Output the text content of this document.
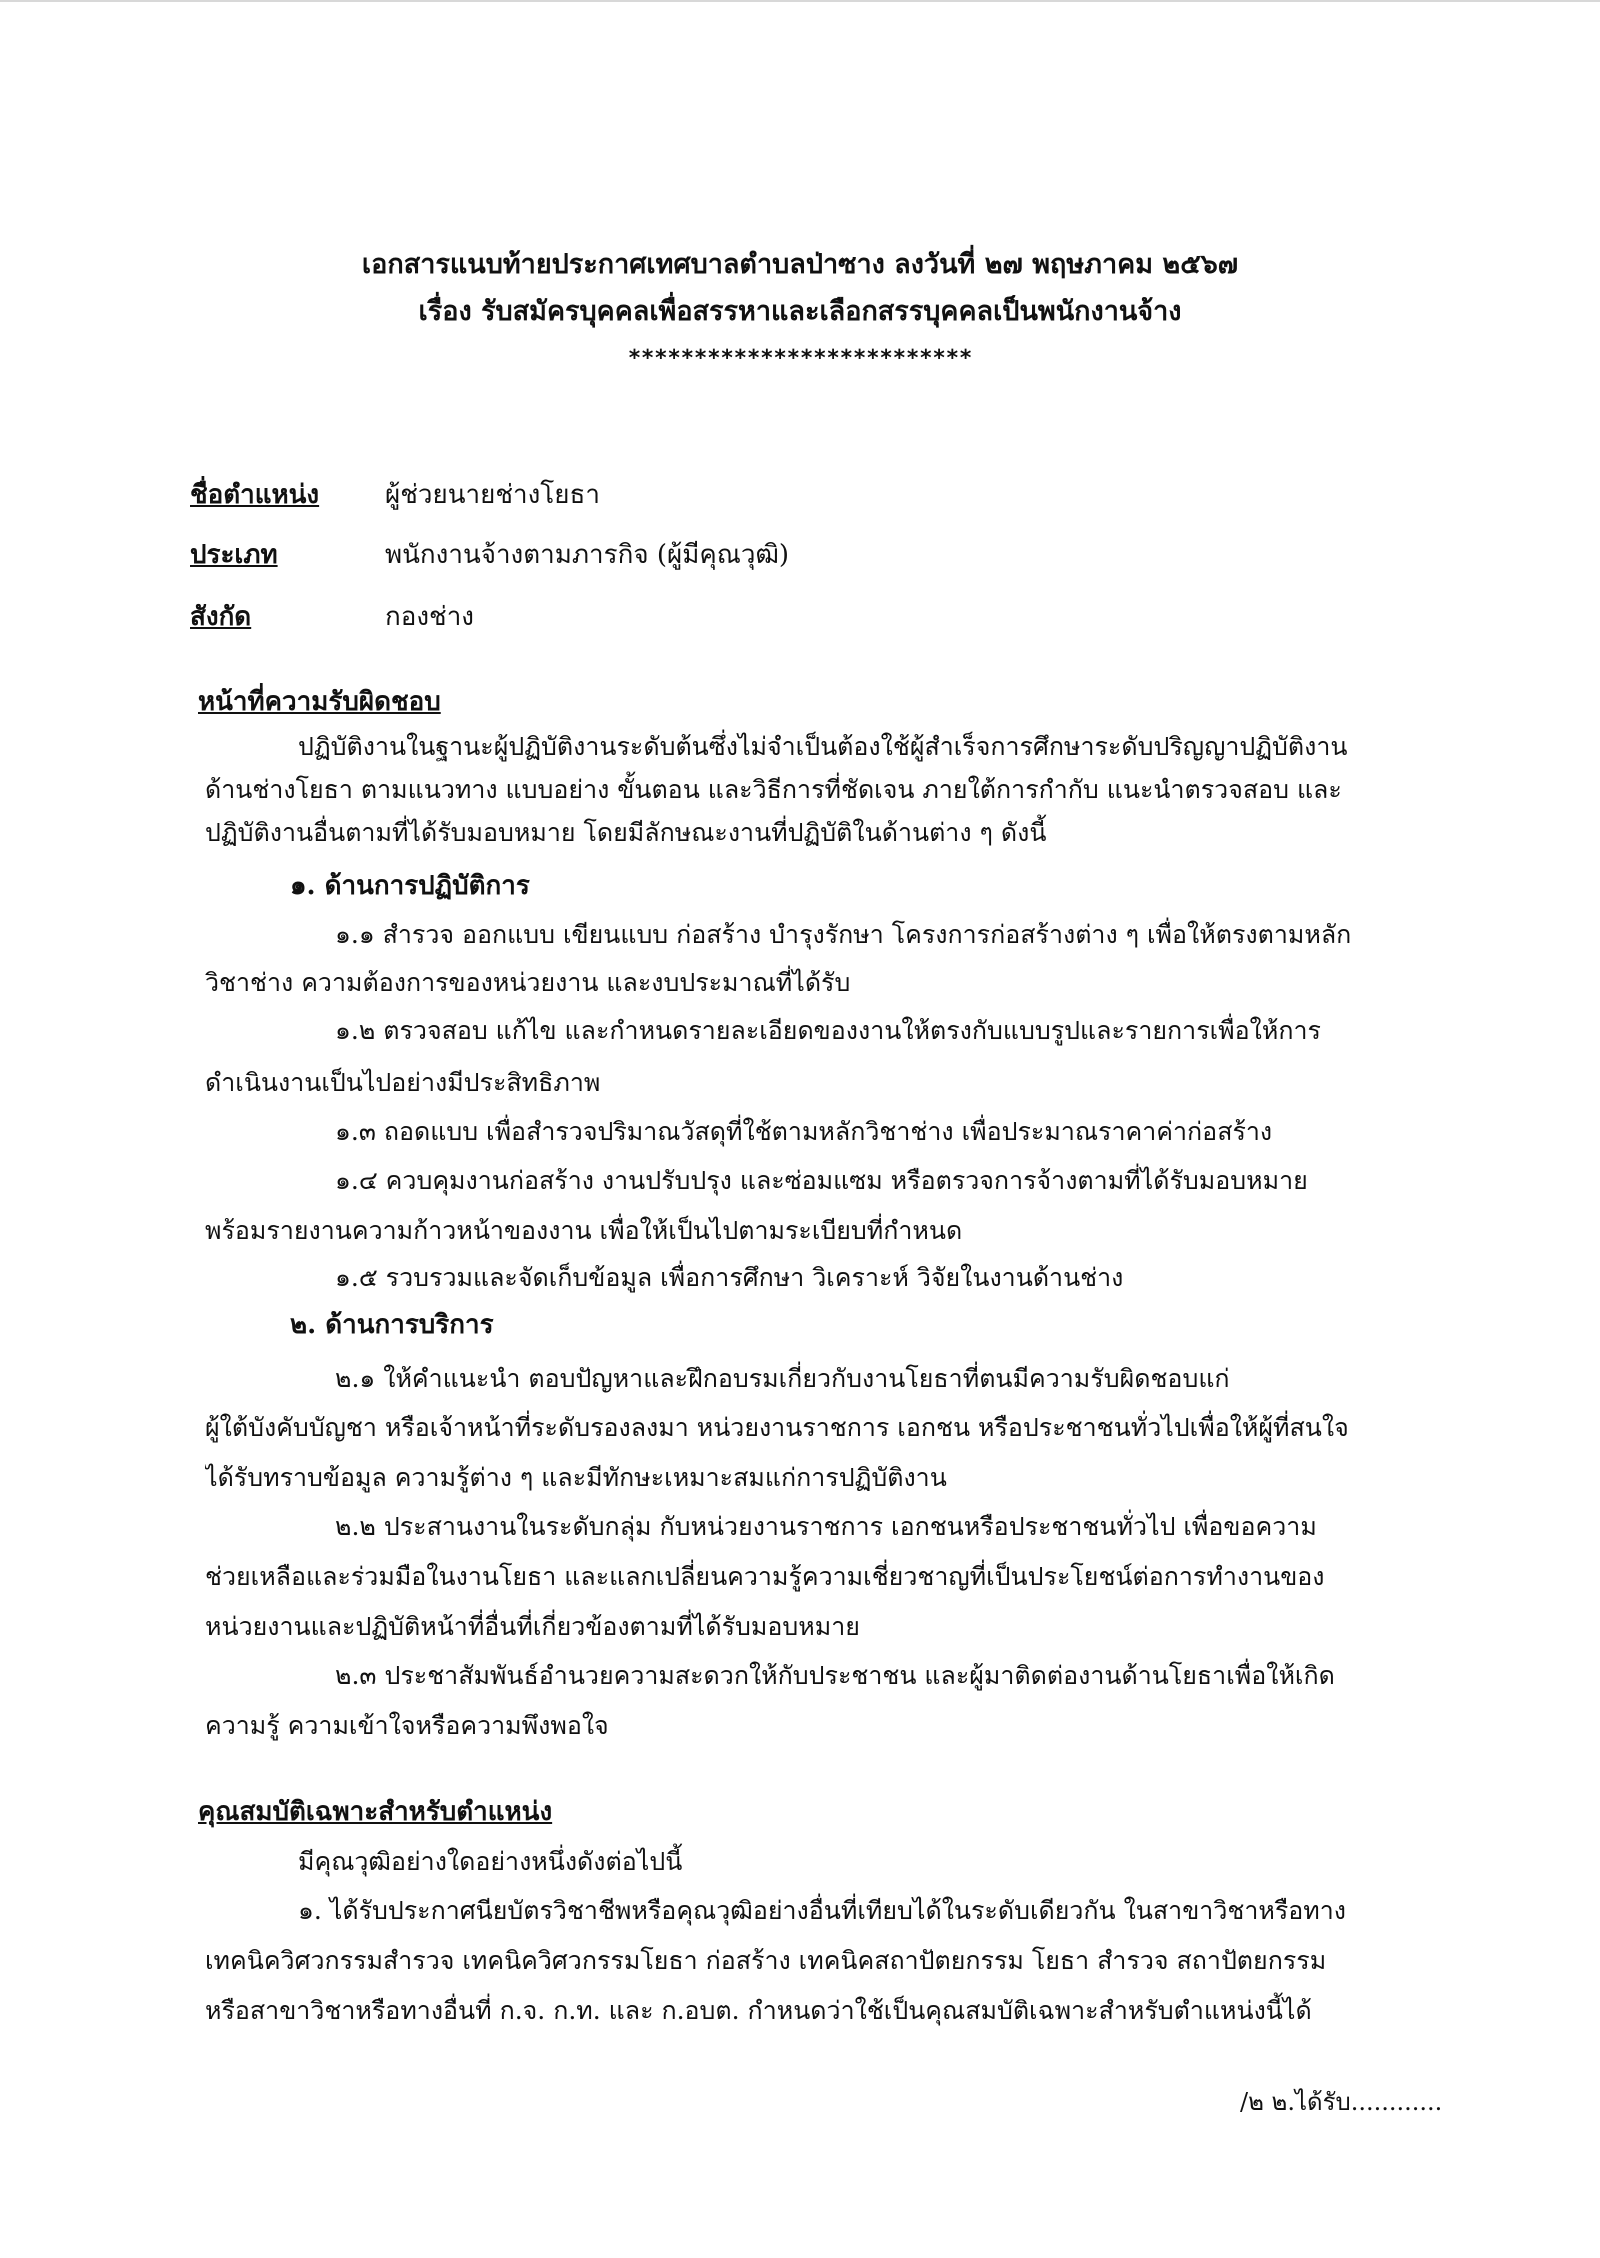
เอกสารแนบท้ายประกาศเทศบาลตำบลป่าซาง ลงวันที่ ๒๗ พฤษภาคม ๒๕๖๗
เรื่อง รับสมัครบุคคลเพื่อสรรหาและเลือกสรรบุคคลเป็นพนักงานจ้าง
**************************
ชื่อตำแหน่ง	ผู้ช่วยนายช่างโยธา
ประเภท	พนักงานจ้างตามภารกิจ (ผู้มีคุณวุฒิ)
สังกัด	กองช่าง
หน้าที่ความรับผิดชอบ
ปฏิบัติงานในฐานะผู้ปฏิบัติงานระดับต้นซึ่งไม่จำเป็นต้องใช้ผู้สำเร็จการศึกษาระดับปริญญาปฏิบัติงาน
ด้านช่างโยธา ตามแนวทาง แบบอย่าง ขั้นตอน และวิธีการที่ชัดเจน ภายใต้การกำกับ แนะนำตรวจสอบ และ
ปฏิบัติงานอื่นตามที่ได้รับมอบหมาย โดยมีลักษณะงานที่ปฏิบัติในด้านต่าง ๆ ดังนี้
๑. ด้านการปฏิบัติการ
๑.๑ สำรวจ ออกแบบ เขียนแบบ ก่อสร้าง บำรุงรักษา โครงการก่อสร้างต่าง ๆ เพื่อให้ตรงตามหลัก
วิชาช่าง ความต้องการของหน่วยงาน และงบประมาณที่ได้รับ
๑.๒ ตรวจสอบ แก้ไข และกำหนดรายละเอียดของงานให้ตรงกับแบบรูปและรายการเพื่อให้การ
ดำเนินงานเป็นไปอย่างมีประสิทธิภาพ
๑.๓ ถอดแบบ เพื่อสำรวจปริมาณวัสดุที่ใช้ตามหลักวิชาช่าง เพื่อประมาณราคาค่าก่อสร้าง
๑.๔ ควบคุมงานก่อสร้าง งานปรับปรุง และซ่อมแซม หรือตรวจการจ้างตามที่ได้รับมอบหมาย
พร้อมรายงานความก้าวหน้าของงาน เพื่อให้เป็นไปตามระเบียบที่กำหนด
๑.๕ รวบรวมและจัดเก็บข้อมูล เพื่อการศึกษา วิเคราะห์ วิจัยในงานด้านช่าง
๒. ด้านการบริการ
๒.๑ ให้คำแนะนำ ตอบปัญหาและฝึกอบรมเกี่ยวกับงานโยธาที่ตนมีความรับผิดชอบแก่
ผู้ใต้บังคับบัญชา หรือเจ้าหน้าที่ระดับรองลงมา หน่วยงานราชการ เอกชน หรือประชาชนทั่วไปเพื่อให้ผู้ที่สนใจ
ได้รับทราบข้อมูล ความรู้ต่าง ๆ และมีทักษะเหมาะสมแก่การปฏิบัติงาน
๒.๒ ประสานงานในระดับกลุ่ม กับหน่วยงานราชการ เอกชนหรือประชาชนทั่วไป เพื่อขอความ
ช่วยเหลือและร่วมมือในงานโยธา และแลกเปลี่ยนความรู้ความเชี่ยวชาญที่เป็นประโยชน์ต่อการทำงานของ
หน่วยงานและปฏิบัติหน้าที่อื่นที่เกี่ยวข้องตามที่ได้รับมอบหมาย
๒.๓ ประชาสัมพันธ์อำนวยความสะดวกให้กับประชาชน และผู้มาติดต่องานด้านโยธาเพื่อให้เกิด
ความรู้ ความเข้าใจหรือความพึงพอใจ
คุณสมบัติเฉพาะสำหรับตำแหน่ง
มีคุณวุฒิอย่างใดอย่างหนึ่งดังต่อไปนี้
๑. ได้รับประกาศนียบัตรวิชาชีพหรือคุณวุฒิอย่างอื่นที่เทียบได้ในระดับเดียวกัน ในสาขาวิชาหรือทาง
เทคนิควิศวกรรมสำรวจ เทคนิควิศวกรรมโยธา ก่อสร้าง เทคนิคสถาปัตยกรรม โยธา สำรวจ สถาปัตยกรรม
หรือสาขาวิชาหรือทางอื่นที่ ก.จ. ก.ท. และ ก.อบต. กำหนดว่าใช้เป็นคุณสมบัติเฉพาะสำหรับตำแหน่งนี้ได้
/๒ ๒.ได้รับ............
